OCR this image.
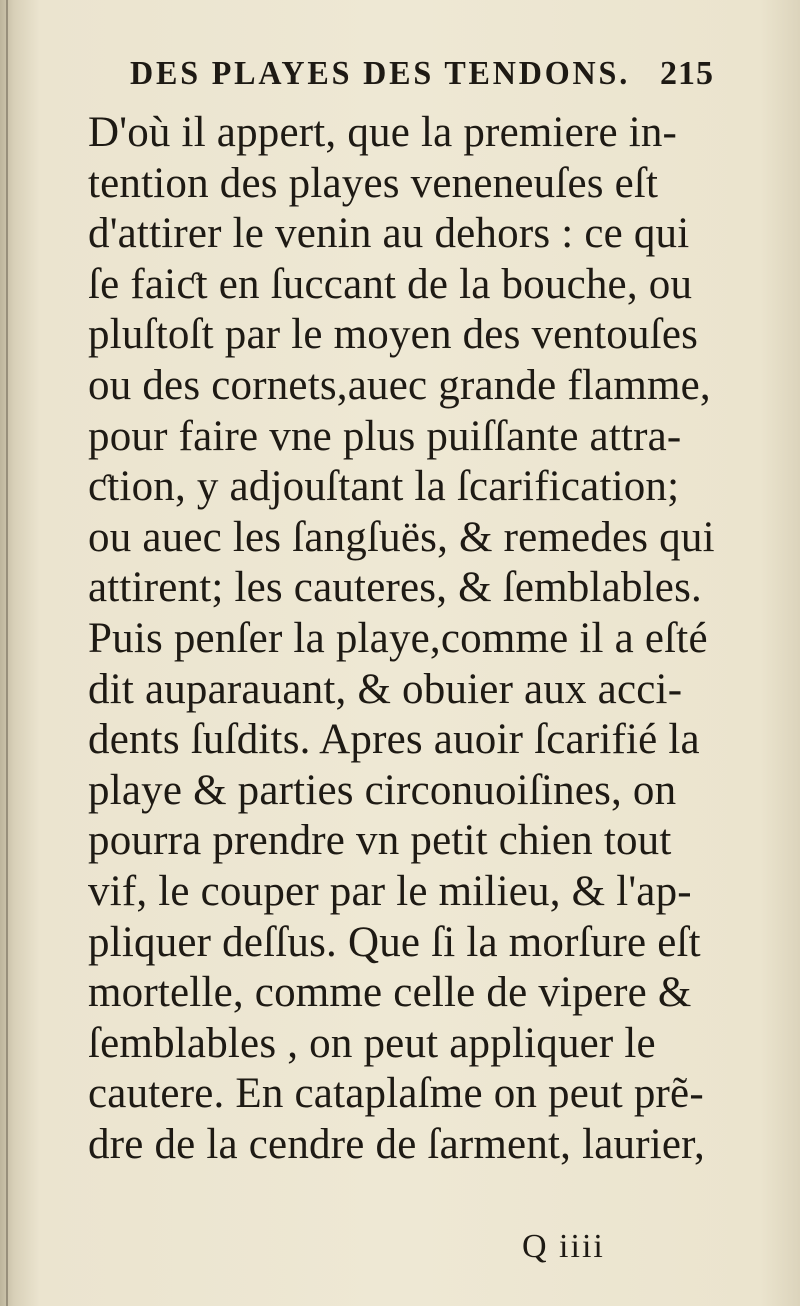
DES PLAYES DES TENDONS. 215
D'où il appert, que la premiere in-
tention des playes veneneuſes eſt
d'attirer le venin au dehors : ce qui
ſe faiƈt en ſuccant de la bouche, ou
pluſtoſt par le moyen des ventouſes
ou des cornets,auec grande flamme,
pour faire vne plus puiſſante attra-
ƈtion, y adjouſtant la ſcarification;
ou auec les ſangſuës, & remedes qui
attirent; les cauteres, & ſemblables.
Puis penſer la playe,comme il a eſté
dit auparauant, & obuier aux acci-
dents ſuſdits. Apres auoir ſcarifié la
playe & parties circonuoiſines, on
pourra prendre vn petit chien tout
vif, le couper par le milieu, & l'ap-
pliquer deſſus. Que ſi la morſure eſt
mortelle, comme celle de vipere &
ſemblables , on peut appliquer le
cautere. En cataplaſme on peut prẽ-
dre de la cendre de ſarment, laurier,
Q iiii
